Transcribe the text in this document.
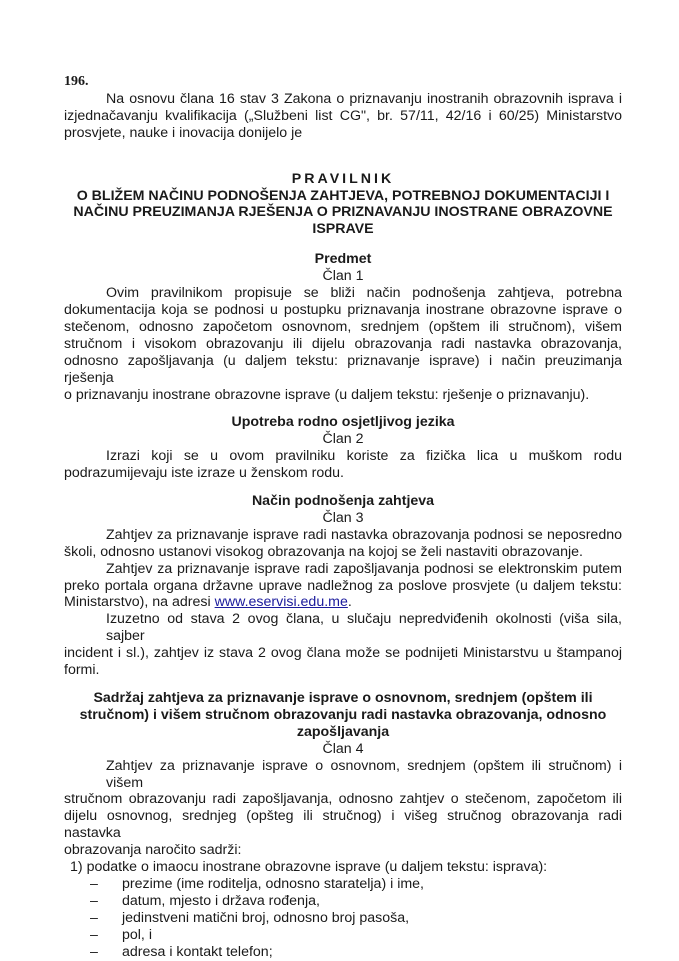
196.
Na osnovu člana 16 stav 3 Zakona o priznavanju inostranih obrazovnih isprava i
izjednačavanju kvalifikacija („Službeni list CG", br. 57/11, 42/16 i 60/25) Ministarstvo
prosvjete, nauke i inovacija donijelo je
PRAVILNIK
O BLIŽEM NAČINU PODNOŠENJA ZAHTJEVA, POTREBNOJ DOKUMENTACIJI I
NAČINU PREUZIMANJA RJEŠENJA O PRIZNAVANJU INOSTRANE OBRAZOVNE
ISPRAVE
Predmet
Član 1
Ovim pravilnikom propisuje se bliži način podnošenja zahtjeva, potrebna
dokumentacija koja se podnosi u postupku priznavanja inostrane obrazovne isprave o
stečenom, odnosno započetom osnovnom, srednjem (opštem ili stručnom), višem
stručnom i visokom obrazovanju ili dijelu obrazovanja radi nastavka obrazovanja,
odnosno zapošljavanja (u daljem tekstu: priznavanje isprave) i način preuzimanja rješenja
o priznavanju inostrane obrazovne isprave (u daljem tekstu: rješenje o priznavanju).
Upotreba rodno osjetljivog jezika
Član 2
Izrazi koji se u ovom pravilniku koriste za fizička lica u muškom rodu
podrazumijevaju iste izraze u ženskom rodu.
Način podnošenja zahtjeva
Član 3
Zahtjev za priznavanje isprave radi nastavka obrazovanja podnosi se neposredno
školi, odnosno ustanovi visokog obrazovanja na kojoj se želi nastaviti obrazovanje.
Zahtjev za priznavanje isprave radi zapošljavanja podnosi se elektronskim putem
preko portala organa državne uprave nadležnog za poslove prosvjete (u daljem tekstu:
Ministarstvo), na adresi www.eservisi.edu.me.
Izuzetno od stava 2 ovog člana, u slučaju nepredviđenih okolnosti (viša sila, sajber
incident i sl.), zahtjev iz stava 2 ovog člana može se podnijeti Ministarstvu u štampanoj
formi.
Sadržaj zahtjeva za priznavanje isprave o osnovnom, srednjem (opštem ili
stručnom) i višem stručnom obrazovanju radi nastavka obrazovanja, odnosno
zapošljavanja
Član 4
Zahtjev za priznavanje isprave o osnovnom, srednjem (opštem ili stručnom) i višem
stručnom obrazovanju radi zapošljavanja, odnosno zahtjev o stečenom, započetom ili
dijelu osnovnog, srednjeg (opšteg ili stručnog) i višeg stručnog obrazovanja radi nastavka
obrazovanja naročito sadrži:
1) podatke o imaocu inostrane obrazovne isprave (u daljem tekstu: isprava):
–	prezime (ime roditelja, odnosno staratelja) i ime,
–	datum, mjesto i država rođenja,
–	jedinstveni matični broj, odnosno broj pasoša,
–	pol, i
–	adresa i kontakt telefon;
